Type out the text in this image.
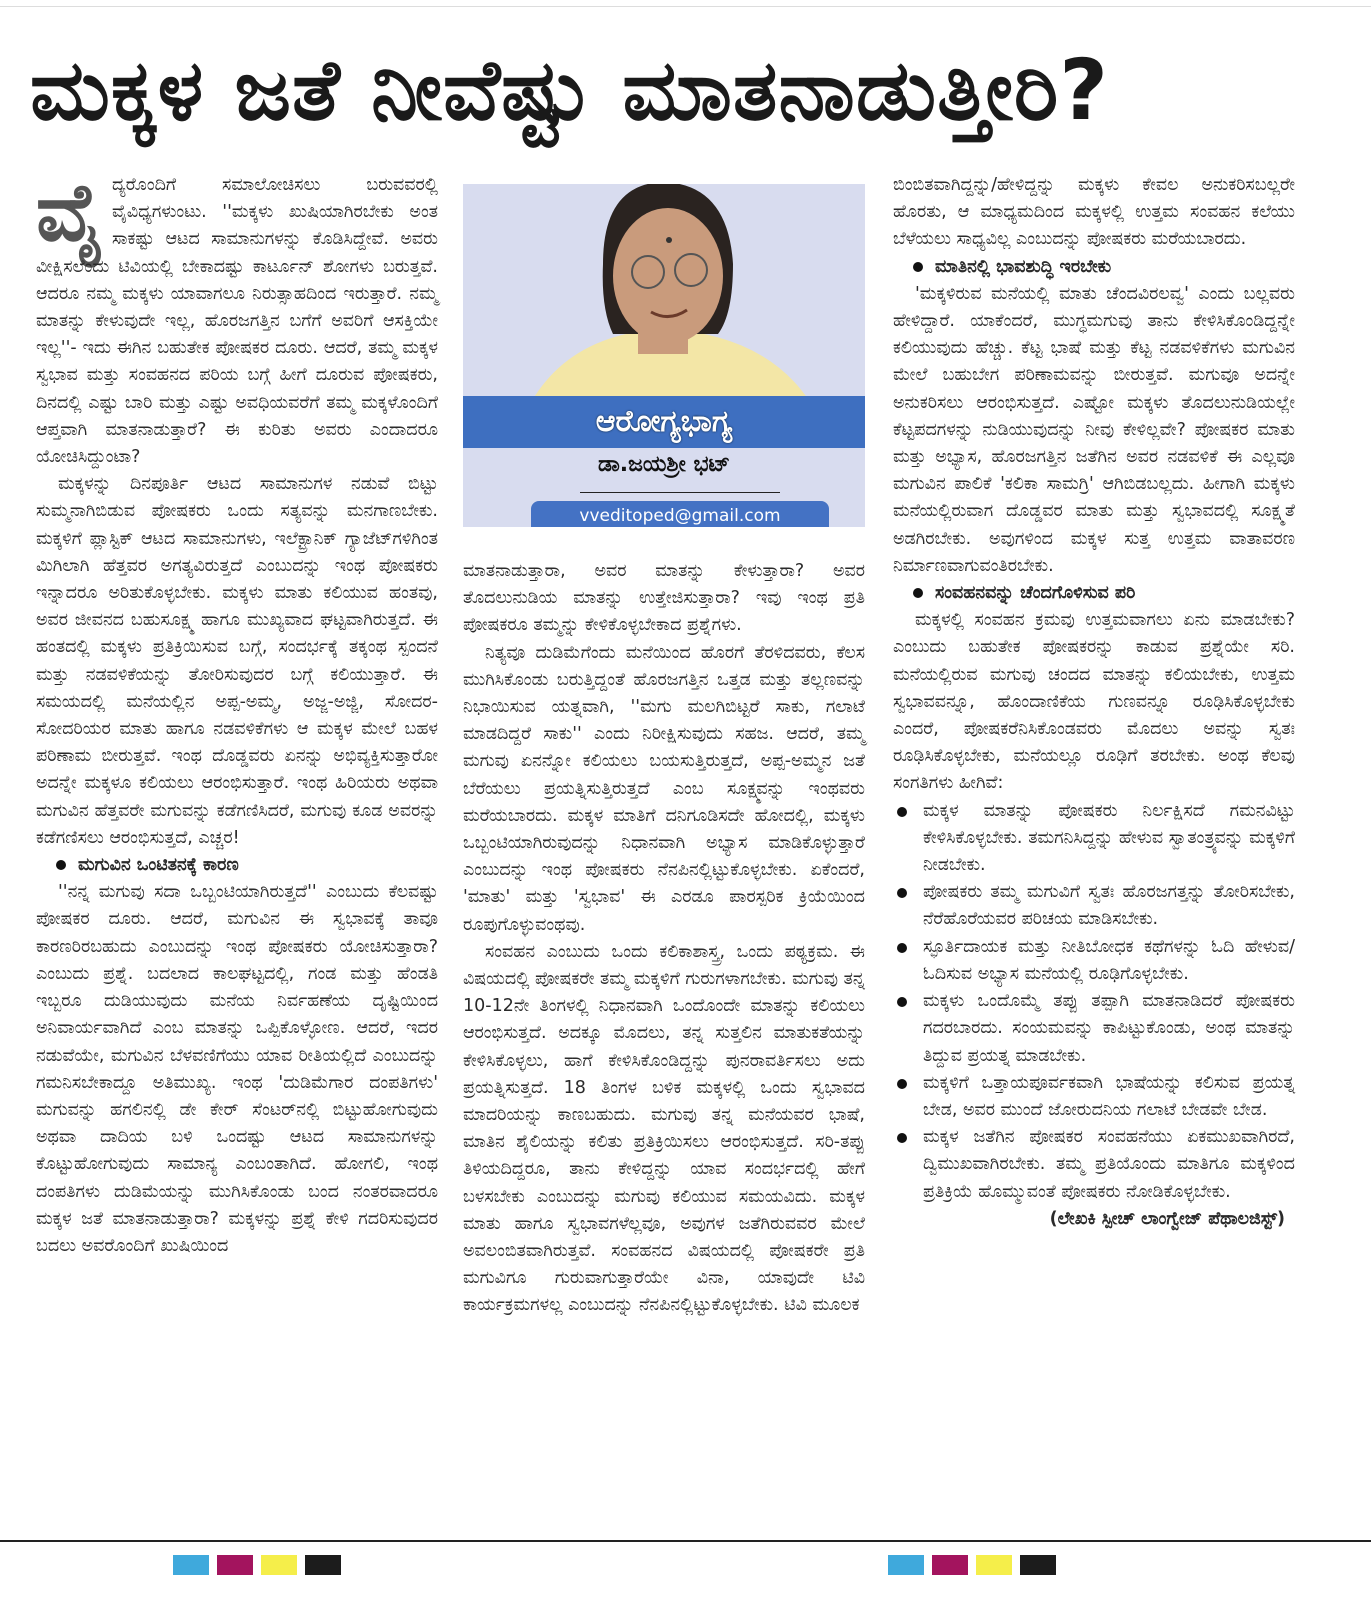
ಮಕ್ಕಳ ಜತೆ ನೀವೆಷ್ಟು ಮಾತನಾಡುತ್ತೀರಿ?

ವೈದ್ಯರೊಂದಿಗೆ ಸಮಾಲೋಚಿಸಲು ಬರುವವರಲ್ಲಿ ವೈವಿಧ್ಯಗಳುಂಟು. ''ಮಕ್ಕಳು ಖುಷಿಯಾಗಿರಬೇಕು ಅಂತ ಸಾಕಷ್ಟು ಆಟದ ಸಾಮಾನುಗಳನ್ನು ಕೊಡಿಸಿದ್ದೇವೆ. ಅವರು ವೀಕ್ಷಿಸಲೆಂದು ಟಿವಿಯಲ್ಲಿ ಬೇಕಾದಷ್ಟು ಕಾರ್ಟೂನ್ ಶೋಗಳು ಬರುತ್ತವೆ. ಆದರೂ ನಮ್ಮ ಮಕ್ಕಳು ಯಾವಾಗಲೂ ನಿರುತ್ಸಾಹದಿಂದ ಇರುತ್ತಾರೆ. ನಮ್ಮ ಮಾತನ್ನು ಕೇಳುವುದೇ ಇಲ್ಲ, ಹೊರಜಗತ್ತಿನ ಬಗೆಗೆ ಅವರಿಗೆ ಆಸಕ್ತಿಯೇ ಇಲ್ಲ''- ಇದು ಈಗಿನ ಬಹುತೇಕ ಪೋಷಕರ ದೂರು. ಆದರೆ, ತಮ್ಮ ಮಕ್ಕಳ ಸ್ವಭಾವ ಮತ್ತು ಸಂವಹನದ ಪರಿಯ ಬಗ್ಗೆ ಹೀಗೆ ದೂರುವ ಪೋಷಕರು, ದಿನದಲ್ಲಿ ಎಷ್ಟು ಬಾರಿ ಮತ್ತು ಎಷ್ಟು ಅವಧಿಯವರೆಗೆ ತಮ್ಮ ಮಕ್ಕಳೊಂದಿಗೆ ಆಪ್ತವಾಗಿ ಮಾತನಾಡುತ್ತಾರೆ? ಈ ಕುರಿತು ಅವರು ಎಂದಾದರೂ ಯೋಚಿಸಿದ್ದುಂಟಾ?

ಮಕ್ಕಳನ್ನು ದಿನಪೂರ್ತಿ ಆಟದ ಸಾಮಾನುಗಳ ನಡುವೆ ಬಿಟ್ಟು ಸುಮ್ಮನಾಗಿಬಿಡುವ ಪೋಷಕರು ಒಂದು ಸತ್ಯವನ್ನು ಮನಗಾಣಬೇಕು. ಮಕ್ಕಳಿಗೆ ಪ್ಲಾಸ್ಟಿಕ್ ಆಟದ ಸಾಮಾನುಗಳು, ಇಲೆಕ್ಟ್ರಾನಿಕ್ ಗ್ಯಾಜೆಟ್‌ಗಳಿಗಿಂತ ಮಿಗಿಲಾಗಿ ಹೆತ್ತವರ ಅಗತ್ಯವಿರುತ್ತದೆ ಎಂಬುದನ್ನು ಇಂಥ ಪೋಷಕರು ಇನ್ನಾದರೂ ಅರಿತುಕೊಳ್ಳಬೇಕು. ಮಕ್ಕಳು ಮಾತು ಕಲಿಯುವ ಹಂತವು, ಅವರ ಜೀವನದ ಬಹುಸೂಕ್ಷ್ಮ ಹಾಗೂ ಮುಖ್ಯವಾದ ಘಟ್ಟವಾಗಿರುತ್ತದೆ. ಈ ಹಂತದಲ್ಲಿ ಮಕ್ಕಳು ಪ್ರತಿಕ್ರಿಯಿಸುವ ಬಗ್ಗೆ, ಸಂದರ್ಭಕ್ಕೆ ತಕ್ಕಂಥ ಸ್ಪಂದನೆ ಮತ್ತು ನಡವಳಿಕೆಯನ್ನು ತೋರಿಸುವುದರ ಬಗ್ಗೆ ಕಲಿಯುತ್ತಾರೆ. ಈ ಸಮಯದಲ್ಲಿ ಮನೆಯಲ್ಲಿನ ಅಪ್ಪ-ಅಮ್ಮ, ಅಜ್ಜ-ಅಜ್ಜಿ, ಸೋದರ-ಸೋದರಿಯರ ಮಾತು ಹಾಗೂ ನಡವಳಿಕೆಗಳು ಆ ಮಕ್ಕಳ ಮೇಲೆ ಬಹಳ ಪರಿಣಾಮ ಬೀರುತ್ತವೆ. ಇಂಥ ದೊಡ್ಡವರು ಏನನ್ನು ಅಭಿವ್ಯಕ್ತಿಸುತ್ತಾರೋ ಅದನ್ನೇ ಮಕ್ಕಳೂ ಕಲಿಯಲು ಆರಂಭಿಸುತ್ತಾರೆ. ಇಂಥ ಹಿರಿಯರು ಅಥವಾ ಮಗುವಿನ ಹೆತ್ತವರೇ ಮಗುವನ್ನು ಕಡೆಗಣಿಸಿದರೆ, ಮಗುವು ಕೂಡ ಅವರನ್ನು ಕಡೆಗಣಿಸಲು ಆರಂಭಿಸುತ್ತದೆ, ಎಚ್ಚರ!

ಮಗುವಿನ ಒಂಟಿತನಕ್ಕೆ ಕಾರಣ

''ನನ್ನ ಮಗುವು ಸದಾ ಒಬ್ಬಂಟಿಯಾಗಿರುತ್ತದೆ'' ಎಂಬುದು ಕೆಲವಷ್ಟು ಪೋಷಕರ ದೂರು. ಆದರೆ, ಮಗುವಿನ ಈ ಸ್ವಭಾವಕ್ಕೆ ತಾವೂ ಕಾರಣರಿರಬಹುದು ಎಂಬುದನ್ನು ಇಂಥ ಪೋಷಕರು ಯೋಚಿಸುತ್ತಾರಾ? ಎಂಬುದು ಪ್ರಶ್ನೆ. ಬದಲಾದ ಕಾಲಘಟ್ಟದಲ್ಲಿ, ಗಂಡ ಮತ್ತು ಹೆಂಡತಿ ಇಬ್ಬರೂ ದುಡಿಯುವುದು ಮನೆಯ ನಿರ್ವಹಣೆಯ ದೃಷ್ಟಿಯಿಂದ ಅನಿವಾರ್ಯವಾಗಿದೆ ಎಂಬ ಮಾತನ್ನು ಒಪ್ಪಿಕೊಳ್ಳೋಣ. ಆದರೆ, ಇದರ ನಡುವೆಯೇ, ಮಗುವಿನ ಬೆಳವಣಿಗೆಯು ಯಾವ ರೀತಿಯಲ್ಲಿದೆ ಎಂಬುದನ್ನು ಗಮನಿಸಬೇಕಾದ್ದೂ ಅತಿಮುಖ್ಯ. ಇಂಥ 'ದುಡಿಮೆಗಾರ ದಂಪತಿಗಳು' ಮಗುವನ್ನು ಹಗಲಿನಲ್ಲಿ ಡೇ ಕೇರ್ ಸೆಂಟರ್‌ನಲ್ಲಿ ಬಿಟ್ಟುಹೋಗುವುದು ಅಥವಾ ದಾದಿಯ ಬಳಿ ಒಂದಷ್ಟು ಆಟದ ಸಾಮಾನುಗಳನ್ನು ಕೊಟ್ಟುಹೋಗುವುದು ಸಾಮಾನ್ಯ ಎಂಬಂತಾಗಿದೆ. ಹೋಗಲಿ, ಇಂಥ ದಂಪತಿಗಳು ದುಡಿಮೆಯನ್ನು ಮುಗಿಸಿಕೊಂಡು ಬಂದ ನಂತರವಾದರೂ ಮಕ್ಕಳ ಜತೆ ಮಾತನಾಡುತ್ತಾರಾ? ಮಕ್ಕಳನ್ನು ಪ್ರಶ್ನೆ ಕೇಳಿ ಗದರಿಸುವುದರ ಬದಲು ಅವರೊಂದಿಗೆ ಖುಷಿಯಿಂದ

ಆರೋಗ್ಯಭಾಗ್ಯ
ಡಾ.ಜಯಶ್ರೀ ಭಟ್
vveditoped@gmail.com

ಮಾತನಾಡುತ್ತಾರಾ, ಅವರ ಮಾತನ್ನು ಕೇಳುತ್ತಾರಾ? ಅವರ ತೊದಲುನುಡಿಯ ಮಾತನ್ನು ಉತ್ತೇಜಿಸುತ್ತಾರಾ? ಇವು ಇಂಥ ಪ್ರತಿ ಪೋಷಕರೂ ತಮ್ಮನ್ನು ಕೇಳಿಕೊಳ್ಳಬೇಕಾದ ಪ್ರಶ್ನೆಗಳು.

ನಿತ್ಯವೂ ದುಡಿಮೆಗೆಂದು ಮನೆಯಿಂದ ಹೊರಗೆ ತೆರಳಿದವರು, ಕೆಲಸ ಮುಗಿಸಿಕೊಂಡು ಬರುತ್ತಿದ್ದಂತೆ ಹೊರಜಗತ್ತಿನ ಒತ್ತಡ ಮತ್ತು ತಲ್ಲಣವನ್ನು ನಿಭಾಯಿಸುವ ಯತ್ನವಾಗಿ, ''ಮಗು ಮಲಗಿಬಿಟ್ಟರೆ ಸಾಕು, ಗಲಾಟೆ ಮಾಡದಿದ್ದರೆ ಸಾಕು'' ಎಂದು ನಿರೀಕ್ಷಿಸುವುದು ಸಹಜ. ಆದರೆ, ತಮ್ಮ ಮಗುವು ಏನನ್ನೋ ಕಲಿಯಲು ಬಯಸುತ್ತಿರುತ್ತದೆ, ಅಪ್ಪ-ಅಮ್ಮನ ಜತೆ ಬೆರೆಯಲು ಪ್ರಯತ್ನಿಸುತ್ತಿರುತ್ತದೆ ಎಂಬ ಸೂಕ್ಷ್ಮವನ್ನು ಇಂಥವರು ಮರೆಯಬಾರದು. ಮಕ್ಕಳ ಮಾತಿಗೆ ದನಿಗೂಡಿಸದೇ ಹೋದಲ್ಲಿ, ಮಕ್ಕಳು ಒಬ್ಬಂಟಿಯಾಗಿರುವುದನ್ನು ನಿಧಾನವಾಗಿ ಅಭ್ಯಾಸ ಮಾಡಿಕೊಳ್ಳುತ್ತಾರೆ ಎಂಬುದನ್ನು ಇಂಥ ಪೋಷಕರು ನೆನಪಿನಲ್ಲಿಟ್ಟುಕೊಳ್ಳಬೇಕು. ಏಕೆಂದರೆ, 'ಮಾತು' ಮತ್ತು 'ಸ್ವಭಾವ' ಈ ಎರಡೂ ಪಾರಸ್ಪರಿಕ ಕ್ರಿಯೆಯಿಂದ ರೂಪುಗೊಳ್ಳುವಂಥವು.

ಸಂವಹನ ಎಂಬುದು ಒಂದು ಕಲಿಕಾಶಾಸ್ತ್ರ, ಒಂದು ಪಠ್ಯಕ್ರಮ. ಈ ವಿಷಯದಲ್ಲಿ ಪೋಷಕರೇ ತಮ್ಮ ಮಕ್ಕಳಿಗೆ ಗುರುಗಳಾಗಬೇಕು. ಮಗುವು ತನ್ನ 10-12ನೇ ತಿಂಗಳಲ್ಲಿ ನಿಧಾನವಾಗಿ ಒಂದೊಂದೇ ಮಾತನ್ನು ಕಲಿಯಲು ಆರಂಭಿಸುತ್ತದೆ. ಅದಕ್ಕೂ ಮೊದಲು, ತನ್ನ ಸುತ್ತಲಿನ ಮಾತುಕತೆಯನ್ನು ಕೇಳಿಸಿಕೊಳ್ಳಲು, ಹಾಗೆ ಕೇಳಿಸಿಕೊಂಡಿದ್ದನ್ನು ಪುನರಾವರ್ತಿಸಲು ಅದು ಪ್ರಯತ್ನಿಸುತ್ತದೆ. 18 ತಿಂಗಳ ಬಳಿಕ ಮಕ್ಕಳಲ್ಲಿ ಒಂದು ಸ್ವಭಾವದ ಮಾದರಿಯನ್ನು ಕಾಣಬಹುದು. ಮಗುವು ತನ್ನ ಮನೆಯವರ ಭಾಷೆ, ಮಾತಿನ ಶೈಲಿಯನ್ನು ಕಲಿತು ಪ್ರತಿಕ್ರಿಯಿಸಲು ಆರಂಭಿಸುತ್ತದೆ. ಸರಿ-ತಪ್ಪು ತಿಳಿಯದಿದ್ದರೂ, ತಾನು ಕೇಳಿದ್ದನ್ನು ಯಾವ ಸಂದರ್ಭದಲ್ಲಿ ಹೇಗೆ ಬಳಸಬೇಕು ಎಂಬುದನ್ನು ಮಗುವು ಕಲಿಯುವ ಸಮಯವಿದು. ಮಕ್ಕಳ ಮಾತು ಹಾಗೂ ಸ್ವಭಾವಗಳೆಲ್ಲವೂ, ಅವುಗಳ ಜತೆಗಿರುವವರ ಮೇಲೆ ಅವಲಂಬಿತವಾಗಿರುತ್ತವೆ. ಸಂವಹನದ ವಿಷಯದಲ್ಲಿ ಪೋಷಕರೇ ಪ್ರತಿ ಮಗುವಿಗೂ ಗುರುವಾಗುತ್ತಾರೆಯೇ ವಿನಾ, ಯಾವುದೇ ಟಿವಿ ಕಾರ್ಯಕ್ರಮಗಳಲ್ಲ ಎಂಬುದನ್ನು ನೆನಪಿನಲ್ಲಿಟ್ಟುಕೊಳ್ಳಬೇಕು. ಟಿವಿ ಮೂಲಕ

ಬಿಂಬಿತವಾಗಿದ್ದನ್ನು/ಹೇಳಿದ್ದನ್ನು ಮಕ್ಕಳು ಕೇವಲ ಅನುಕರಿಸಬಲ್ಲರೇ ಹೊರತು, ಆ ಮಾಧ್ಯಮದಿಂದ ಮಕ್ಕಳಲ್ಲಿ ಉತ್ತಮ ಸಂವಹನ ಕಲೆಯು ಬೆಳೆಯಲು ಸಾಧ್ಯವಿಲ್ಲ ಎಂಬುದನ್ನು ಪೋಷಕರು ಮರೆಯಬಾರದು.

ಮಾತಿನಲ್ಲಿ ಭಾವಶುದ್ಧಿ ಇರಬೇಕು

'ಮಕ್ಕಳಿರುವ ಮನೆಯಲ್ಲಿ ಮಾತು ಚೆಂದವಿರಲವ್ವ' ಎಂದು ಬಲ್ಲವರು ಹೇಳಿದ್ದಾರೆ. ಯಾಕೆಂದರೆ, ಮುಗ್ಧಮಗುವು ತಾನು ಕೇಳಿಸಿಕೊಂಡಿದ್ದನ್ನೇ ಕಲಿಯುವುದು ಹೆಚ್ಚು. ಕೆಟ್ಟ ಭಾಷೆ ಮತ್ತು ಕೆಟ್ಟ ನಡವಳಿಕೆಗಳು ಮಗುವಿನ ಮೇಲೆ ಬಹುಬೇಗ ಪರಿಣಾಮವನ್ನು ಬೀರುತ್ತವೆ. ಮಗುವೂ ಅದನ್ನೇ ಅನುಕರಿಸಲು ಆರಂಭಿಸುತ್ತದೆ. ಎಷ್ಟೋ ಮಕ್ಕಳು ತೊದಲುನುಡಿಯಲ್ಲೇ ಕೆಟ್ಟಪದಗಳನ್ನು ನುಡಿಯುವುದನ್ನು ನೀವು ಕೇಳಿಲ್ಲವೇ? ಪೋಷಕರ ಮಾತು ಮತ್ತು ಅಭ್ಯಾಸ, ಹೊರಜಗತ್ತಿನ ಜತೆಗಿನ ಅವರ ನಡವಳಿಕೆ ಈ ಎಲ್ಲವೂ ಮಗುವಿನ ಪಾಲಿಕೆ 'ಕಲಿಕಾ ಸಾಮಗ್ರಿ' ಆಗಿಬಿಡಬಲ್ಲದು. ಹೀಗಾಗಿ ಮಕ್ಕಳು ಮನೆಯಲ್ಲಿರುವಾಗ ದೊಡ್ಡವರ ಮಾತು ಮತ್ತು ಸ್ವಭಾವದಲ್ಲಿ ಸೂಕ್ಷ್ಮತೆ ಅಡಗಿರಬೇಕು. ಅವುಗಳಿಂದ ಮಕ್ಕಳ ಸುತ್ತ ಉತ್ತಮ ವಾತಾವರಣ ನಿರ್ಮಾಣವಾಗುವಂತಿರಬೇಕು.

ಸಂವಹನವನ್ನು ಚೆಂದಗೊಳಿಸುವ ಪರಿ

ಮಕ್ಕಳಲ್ಲಿ ಸಂವಹನ ಕ್ರಮವು ಉತ್ತಮವಾಗಲು ಏನು ಮಾಡಬೇಕು? ಎಂಬುದು ಬಹುತೇಕ ಪೋಷಕರನ್ನು ಕಾಡುವ ಪ್ರಶ್ನೆಯೇ ಸರಿ. ಮನೆಯಲ್ಲಿರುವ ಮಗುವು ಚಂದದ ಮಾತನ್ನು ಕಲಿಯಬೇಕು, ಉತ್ತಮ ಸ್ವಭಾವವನ್ನೂ, ಹೊಂದಾಣಿಕೆಯ ಗುಣವನ್ನೂ ರೂಢಿಸಿಕೊಳ್ಳಬೇಕು ಎಂದರೆ, ಪೋಷಕರೆನಿಸಿಕೊಂಡವರು ಮೊದಲು ಅವನ್ನು ಸ್ವತಃ ರೂಢಿಸಿಕೊಳ್ಳಬೇಕು, ಮನೆಯಲ್ಲೂ ರೂಢಿಗೆ ತರಬೇಕು. ಅಂಥ ಕೆಲವು ಸಂಗತಿಗಳು ಹೀಗಿವೆ:

ಮಕ್ಕಳ ಮಾತನ್ನು ಪೋಷಕರು ನಿರ್ಲಕ್ಷಿಸದೆ ಗಮನವಿಟ್ಟು ಕೇಳಿಸಿಕೊಳ್ಳಬೇಕು. ತಮಗನಿಸಿದ್ದನ್ನು ಹೇಳುವ ಸ್ವಾತಂತ್ರ್ಯವನ್ನು ಮಕ್ಕಳಿಗೆ ನೀಡಬೇಕು.
ಪೋಷಕರು ತಮ್ಮ ಮಗುವಿಗೆ ಸ್ವತಃ ಹೊರಜಗತ್ತನ್ನು ತೋರಿಸಬೇಕು, ನೆರೆಹೊರೆಯವರ ಪರಿಚಯ ಮಾಡಿಸಬೇಕು.
ಸ್ಫೂರ್ತಿದಾಯಕ ಮತ್ತು ನೀತಿಬೋಧಕ ಕಥೆಗಳನ್ನು ಓದಿ ಹೇಳುವ/ಓದಿಸುವ ಅಭ್ಯಾಸ ಮನೆಯಲ್ಲಿ ರೂಢಿಗೊಳ್ಳಬೇಕು.
ಮಕ್ಕಳು ಒಂದೊಮ್ಮೆ ತಪ್ಪು ತಪ್ಪಾಗಿ ಮಾತನಾಡಿದರೆ ಪೋಷಕರು ಗದರಬಾರದು. ಸಂಯಮವನ್ನು ಕಾಪಿಟ್ಟುಕೊಂಡು, ಅಂಥ ಮಾತನ್ನು ತಿದ್ದುವ ಪ್ರಯತ್ನ ಮಾಡಬೇಕು.
ಮಕ್ಕಳಿಗೆ ಒತ್ತಾಯಪೂರ್ವಕವಾಗಿ ಭಾಷೆಯನ್ನು ಕಲಿಸುವ ಪ್ರಯತ್ನ ಬೇಡ, ಅವರ ಮುಂದೆ ಜೋರುದನಿಯ ಗಲಾಟೆ ಬೇಡವೇ ಬೇಡ.
ಮಕ್ಕಳ ಜತೆಗಿನ ಪೋಷಕರ ಸಂವಹನೆಯು ಏಕಮುಖವಾಗಿರದೆ, ದ್ವಿಮುಖವಾಗಿರಬೇಕು. ತಮ್ಮ ಪ್ರತಿಯೊಂದು ಮಾತಿಗೂ ಮಕ್ಕಳಿಂದ ಪ್ರತಿಕ್ರಿಯೆ ಹೊಮ್ಮುವಂತೆ ಪೋಷಕರು ನೋಡಿಕೊಳ್ಳಬೇಕು.
(ಲೇಖಕಿ ಸ್ಪೀಚ್ ಲಾಂಗ್ವೇಜ್ ಪೆಥಾಲಜಿಸ್ಟ್)
